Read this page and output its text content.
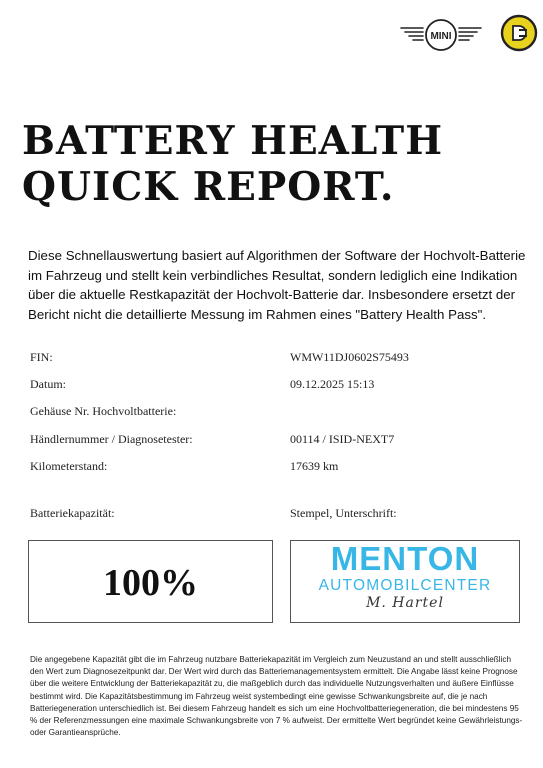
MINI
BATTERY HEALTH
QUICK REPORT.

Diese Schnellauswertung basiert auf Algorithmen der Software der Hochvolt-Batterie im Fahrzeug und stellt kein verbindliches Resultat, sondern lediglich eine Indikation über die aktuelle Restkapazität der Hochvolt-Batterie dar. Insbesondere ersetzt der Bericht nicht die detaillierte Messung im Rahmen eines "Battery Health Pass".

FIN:	WMW11DJ0602S75493
Datum:	09.12.2025 15:13
Gehäuse Nr. Hochvoltbatterie:
Händlernummer / Diagnosetester:	00114 / ISID-NEXT7
Kilometerstand:	17639 km
Batteriekapazität:	Stempel, Unterschrift:
100%
MENTON
AUTOMOBILCENTER
M. Hartel

Die angegebene Kapazität gibt die im Fahrzeug nutzbare Batteriekapazität im Vergleich zum Neuzustand an und stellt ausschließlich den Wert zum Diagnosezeitpunkt dar. Der Wert wird durch das Batteriemanagementsystem ermittelt. Die Angabe lässt keine Prognose über die weitere Entwicklung der Batteriekapazität zu, die maßgeblich durch das individuelle Nutzungsverhalten und äußere Einflüsse bestimmt wird. Die Kapazitätsbestimmung im Fahrzeug weist systembedingt eine gewisse Schwankungsbreite auf, die je nach Batteriegeneration unterschiedlich ist. Bei diesem Fahrzeug handelt es sich um eine Hochvoltbatteriegeneration, die bei mindestens 95 % der Referenzmessungen eine maximale Schwankungsbreite von 7 % aufweist. Der ermittelte Wert begründet keine Gewährleistungs- oder Garantieansprüche.
